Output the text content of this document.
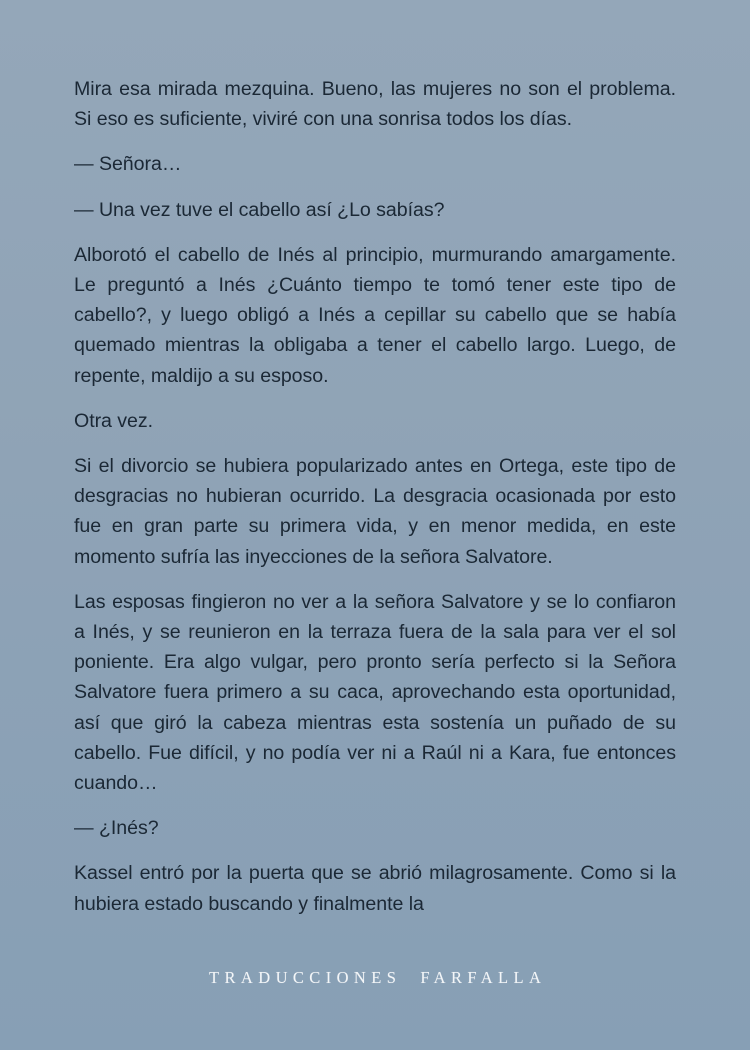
Mira esa mirada mezquina. Bueno, las mujeres no son el problema. Si eso es suficiente, viviré con una sonrisa todos los días.

— Señora…

— Una vez tuve el cabello así ¿Lo sabías?

Alborotó el cabello de Inés al principio, murmurando amargamente. Le preguntó a Inés ¿Cuánto tiempo te tomó tener este tipo de cabello?, y luego obligó a Inés a cepillar su cabello que se había quemado mientras la obligaba a tener el cabello largo. Luego, de repente, maldijo a su esposo.

Otra vez.

Si el divorcio se hubiera popularizado antes en Ortega, este tipo de desgracias no hubieran ocurrido. La desgracia ocasionada por esto fue en gran parte su primera vida, y en menor medida, en este momento sufría las inyecciones de la señora Salvatore.

Las esposas fingieron no ver a la señora Salvatore y se lo confiaron a Inés, y se reunieron en la terraza fuera de la sala para ver el sol poniente. Era algo vulgar, pero pronto sería perfecto si la Señora Salvatore fuera primero a su caca, aprovechando esta oportunidad, así que giró la cabeza mientras esta sostenía un puñado de su cabello. Fue difícil, y no podía ver ni a Raúl ni a Kara, fue entonces cuando…

— ¿Inés?

Kassel entró por la puerta que se abrió milagrosamente. Como si la hubiera estado buscando y finalmente la

TRADUCCIONES  FARFALLA
